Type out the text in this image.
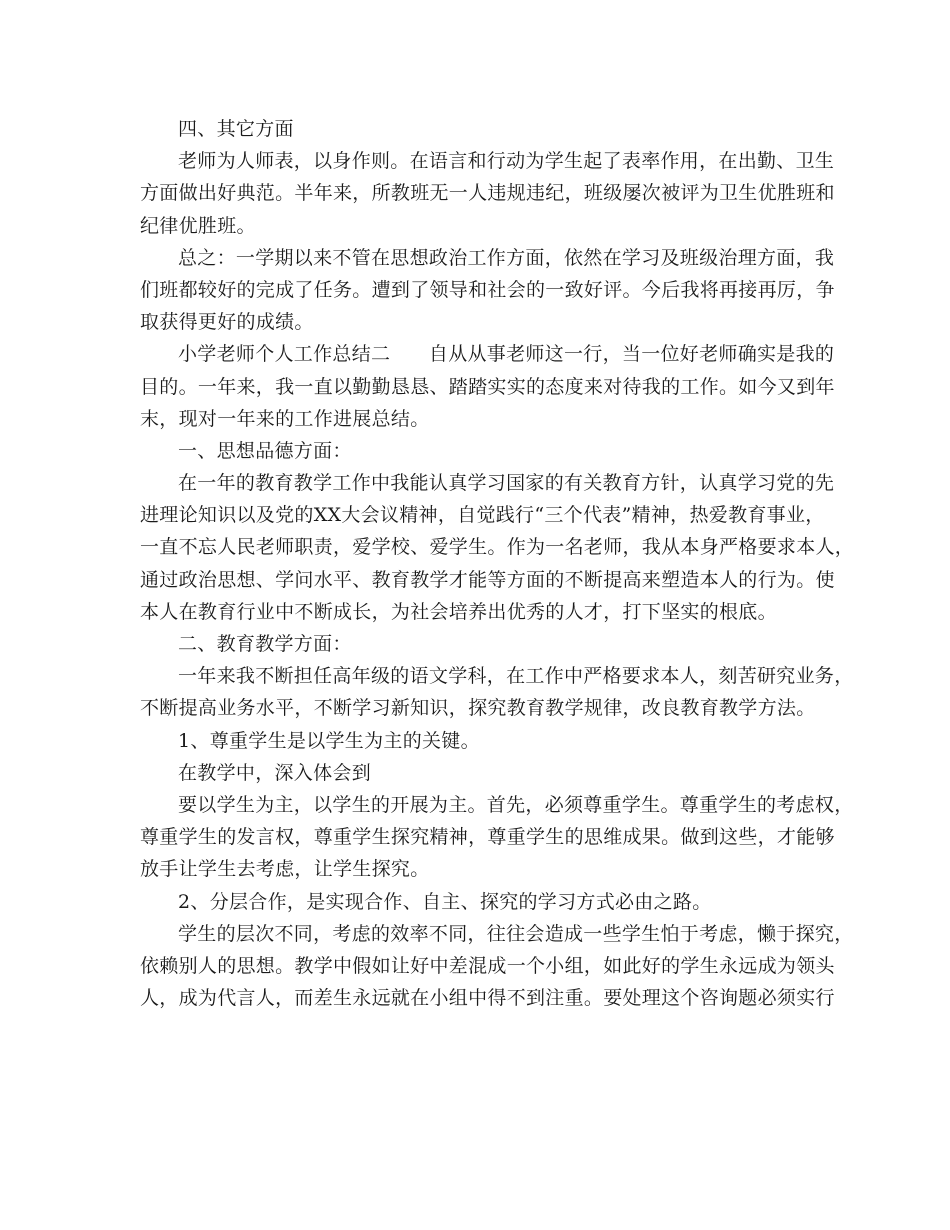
四、其它方面
老师为人师表，以身作则。在语言和行动为学生起了表率作用，在出勤、卫生
方面做出好典范。半年来，所教班无一人违规违纪，班级屡次被评为卫生优胜班和
纪律优胜班。
总之：一学期以来不管在思想政治工作方面，依然在学习及班级治理方面，我
们班都较好的完成了任务。遭到了领导和社会的一致好评。今后我将再接再厉，争
取获得更好的成绩。
小学老师个人工作总结二　　自从从事老师这一行，当一位好老师确实是我的
目的。一年来，我一直以勤勤恳恳、踏踏实实的态度来对待我的工作。如今又到年
末，现对一年来的工作进展总结。
一、思想品德方面：
在一年的教育教学工作中我能认真学习国家的有关教育方针，认真学习党的先
进理论知识以及党的XX大会议精神，自觉践行“三个代表”精神，热爱教育事业，
一直不忘人民老师职责，爱学校、爱学生。作为一名老师，我从本身严格要求本人，
通过政治思想、学问水平、教育教学才能等方面的不断提高来塑造本人的行为。使
本人在教育行业中不断成长，为社会培养出优秀的人才，打下坚实的根底。
二、教育教学方面：
一年来我不断担任高年级的语文学科，在工作中严格要求本人，刻苦研究业务，
不断提高业务水平，不断学习新知识，探究教育教学规律，改良教育教学方法。
1、尊重学生是以学生为主的关键。
在教学中，深入体会到
要以学生为主，以学生的开展为主。首先，必须尊重学生。尊重学生的考虑权，
尊重学生的发言权，尊重学生探究精神，尊重学生的思维成果。做到这些，才能够
放手让学生去考虑，让学生探究。
2、分层合作，是实现合作、自主、探究的学习方式必由之路。
学生的层次不同，考虑的效率不同，往往会造成一些学生怕于考虑，懒于探究，
依赖别人的思想。教学中假如让好中差混成一个小组，如此好的学生永远成为领头
人，成为代言人，而差生永远就在小组中得不到注重。要处理这个咨询题必须实行
